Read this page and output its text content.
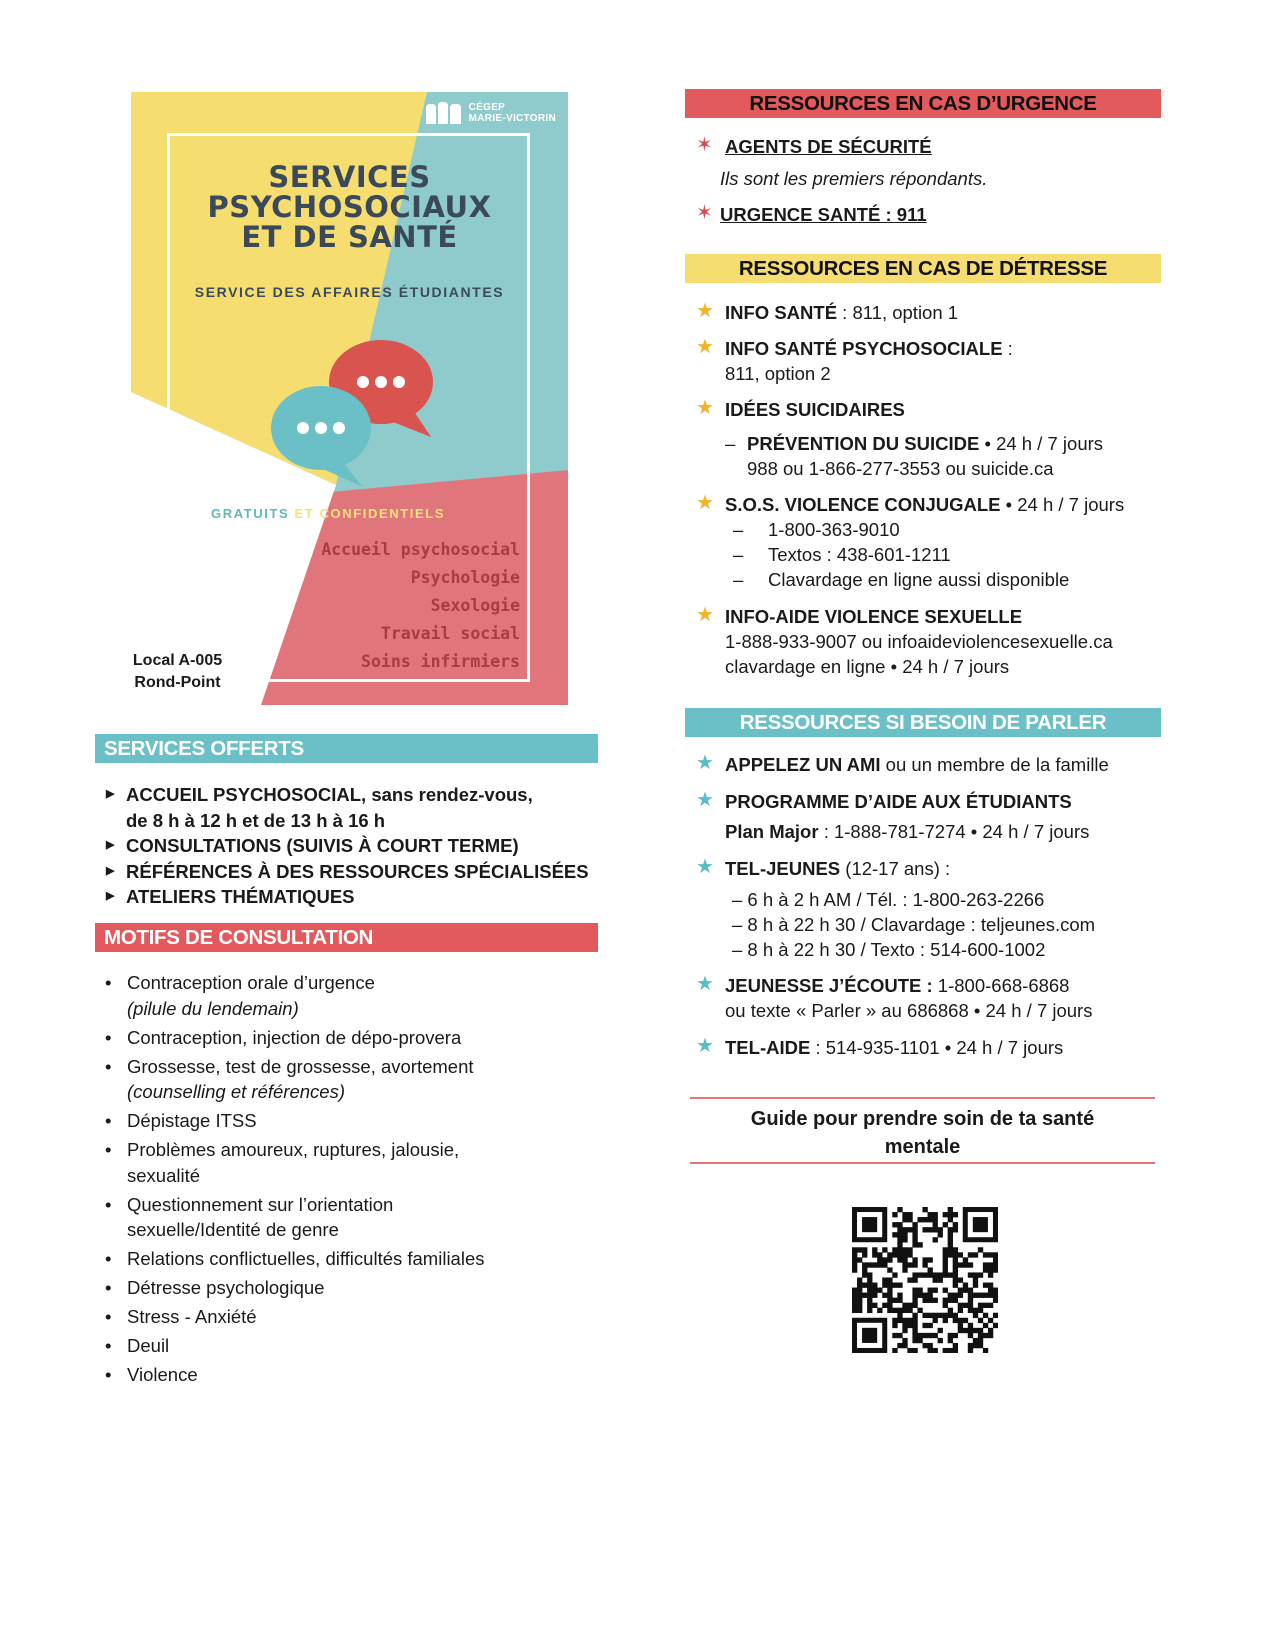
CÉGEP
MARIE-VICTORIN
SERVICES
PSYCHOSOCIAUX
ET DE SANTÉ
SERVICE DES AFFAIRES ÉTUDIANTES
GRATUITS ET CONFIDENTIELS
Accueil psychosocial
Psychologie
Sexologie
Travail social
Soins infirmiers
Local A-005
Rond-Point
SERVICES OFFERTS
▶ ACCUEIL PSYCHOSOCIAL, sans rendez-vous,
de 8 h à 12 h et de 13 h à 16 h
▶ CONSULTATIONS (SUIVIS À COURT TERME)
▶ RÉFÉRENCES À DES RESSOURCES SPÉCIALISÉES
▶ ATELIERS THÉMATIQUES
MOTIFS DE CONSULTATION
• Contraception orale d’urgence
(pilule du lendemain)
• Contraception, injection de dépo-provera
• Grossesse, test de grossesse, avortement
(counselling et références)
• Dépistage ITSS
• Problèmes amoureux, ruptures, jalousie,
sexualité
• Questionnement sur l’orientation
sexuelle/Identité de genre
• Relations conflictuelles, difficultés familiales
• Détresse psychologique
• Stress - Anxiété
• Deuil
• Violence
RESSOURCES EN CAS D’URGENCE
✶ AGENTS DE SÉCURITÉ
Ils sont les premiers répondants.
✶ URGENCE SANTÉ : 911
RESSOURCES EN CAS DE DÉTRESSE
★ INFO SANTÉ : 811, option 1
★ INFO SANTÉ PSYCHOSOCIALE :
811, option 2
★ IDÉES SUICIDAIRES
– PRÉVENTION DU SUICIDE • 24 h / 7 jours
988 ou 1-866-277-3553 ou suicide.ca
★ S.O.S. VIOLENCE CONJUGALE • 24 h / 7 jours
– 1-800-363-9010
– Textos : 438-601-1211
– Clavardage en ligne aussi disponible
★ INFO-AIDE VIOLENCE SEXUELLE
1-888-933-9007 ou infoaideviolencesexuelle.ca
clavardage en ligne • 24 h / 7 jours
RESSOURCES SI BESOIN DE PARLER
★ APPELEZ UN AMI ou un membre de la famille
★ PROGRAMME D’AIDE AUX ÉTUDIANTS
Plan Major : 1-888-781-7274 • 24 h / 7 jours
★ TEL-JEUNES (12-17 ans) :
– 6 h à 2 h AM / Tél. : 1-800-263-2266
– 8 h à 22 h 30 / Clavardage : teljeunes.com
– 8 h à 22 h 30 / Texto : 514-600-1002
★ JEUNESSE J’ÉCOUTE : 1-800-668-6868
ou texte « Parler » au 686868 • 24 h / 7 jours
★ TEL-AIDE : 514-935-1101 • 24 h / 7 jours
Guide pour prendre soin de ta santé
mentale
